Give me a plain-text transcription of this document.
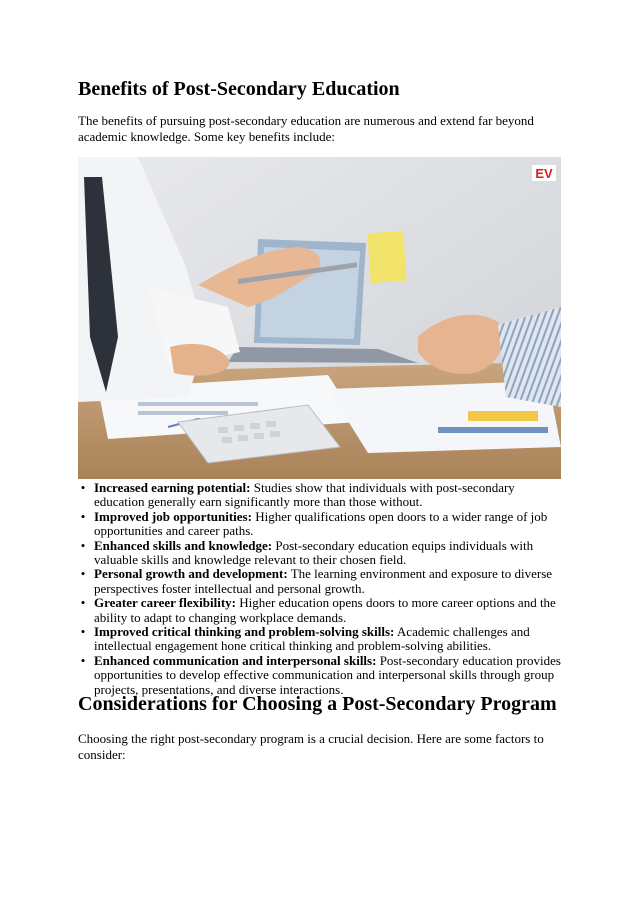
Benefits of Post-Secondary Education

The benefits of pursuing post-secondary education are numerous and extend far beyond academic knowledge. Some key benefits include:

EV
• Increased earning potential: Studies show that individuals with post-secondary education generally earn significantly more than those without.
• Improved job opportunities: Higher qualifications open doors to a wider range of job opportunities and career paths.
• Enhanced skills and knowledge: Post-secondary education equips individuals with valuable skills and knowledge relevant to their chosen field.
• Personal growth and development: The learning environment and exposure to diverse perspectives foster intellectual and personal growth.
• Greater career flexibility: Higher education opens doors to more career options and the ability to adapt to changing workplace demands.
• Improved critical thinking and problem-solving skills: Academic challenges and intellectual engagement hone critical thinking and problem-solving abilities.
• Enhanced communication and interpersonal skills: Post-secondary education provides opportunities to develop effective communication and interpersonal skills through group projects, presentations, and diverse interactions.
Considerations for Choosing a Post-Secondary Program

Choosing the right post-secondary program is a crucial decision. Here are some factors to consider:
